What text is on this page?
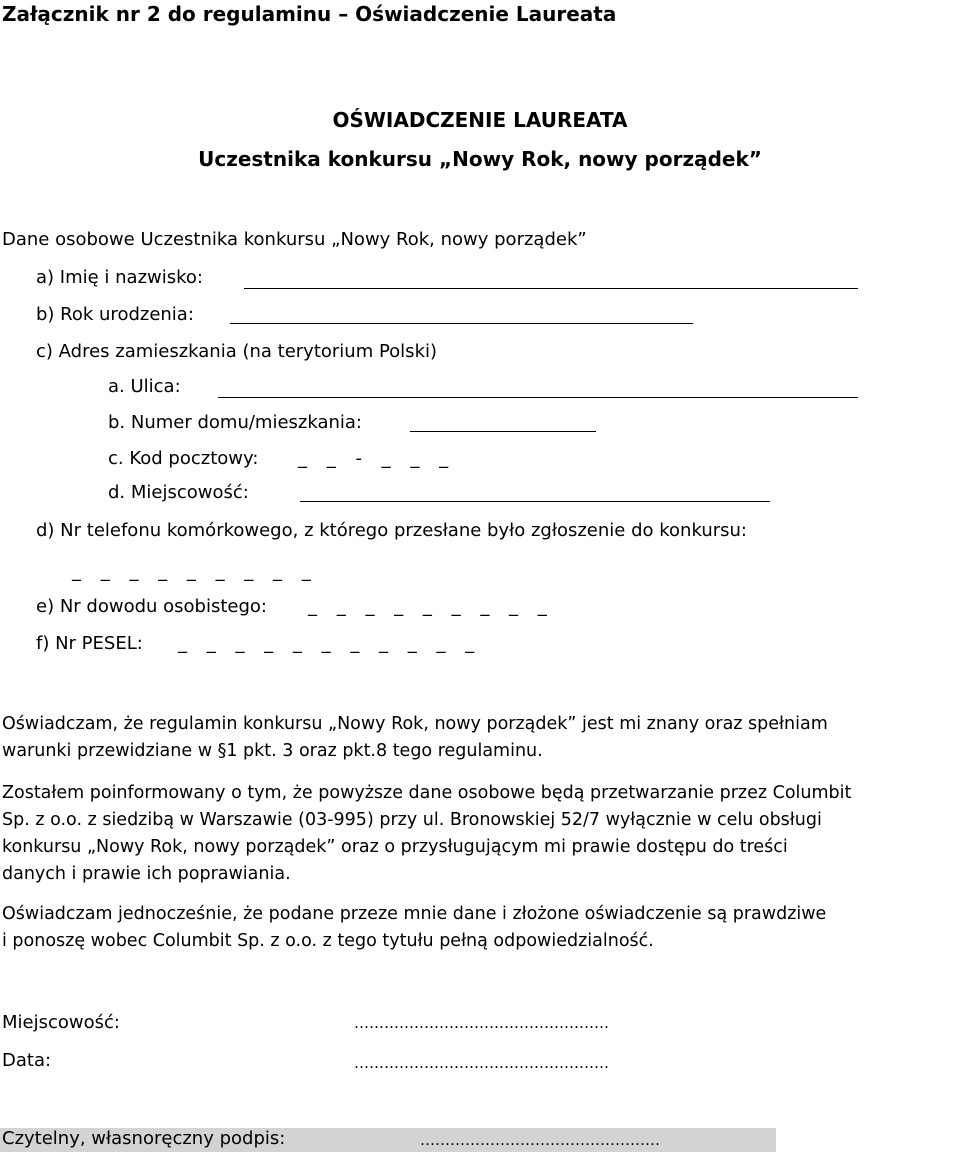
Załącznik nr 2 do regulaminu – Oświadczenie Laureata
OŚWIADCZENIE LAUREATA
Uczestnika konkursu „Nowy Rok, nowy porządek”
Dane osobowe Uczestnika konkursu „Nowy Rok, nowy porządek”
a) Imię i nazwisko:
b) Rok urodzenia:
c) Adres zamieszkania (na terytorium Polski)
a. Ulica:
b. Numer domu/mieszkania:
c. Kod pocztowy: _ _ - _ _ _
d. Miejscowość:
d) Nr telefonu komórkowego, z którego przesłane było zgłoszenie do konkursu:
_ _ _ _ _ _ _ _ _
e) Nr dowodu osobistego: _ _ _ _ _ _ _ _ _
f) Nr PESEL: _ _ _ _ _ _ _ _ _ _ _
Oświadczam, że regulamin konkursu „Nowy Rok, nowy porządek” jest mi znany oraz spełniam
warunki przewidziane w §1 pkt. 3 oraz pkt.8 tego regulaminu.
Zostałem poinformowany o tym, że powyższe dane osobowe będą przetwarzanie przez Columbit
Sp. z o.o. z siedzibą w Warszawie (03-995) przy ul. Bronowskiej 52/7 wyłącznie w celu obsługi
konkursu „Nowy Rok, nowy porządek” oraz o przysługującym mi prawie dostępu do treści
danych i prawie ich poprawiania.
Oświadczam jednocześnie, że podane przeze mnie dane i złożone oświadczenie są prawdziwe
i ponoszę wobec Columbit Sp. z o.o. z tego tytułu pełną odpowiedzialność.
Miejscowość:	……………………………………………
Data:	……………………………………………
Czytelny, własnoręczny podpis:	…………………………………………
